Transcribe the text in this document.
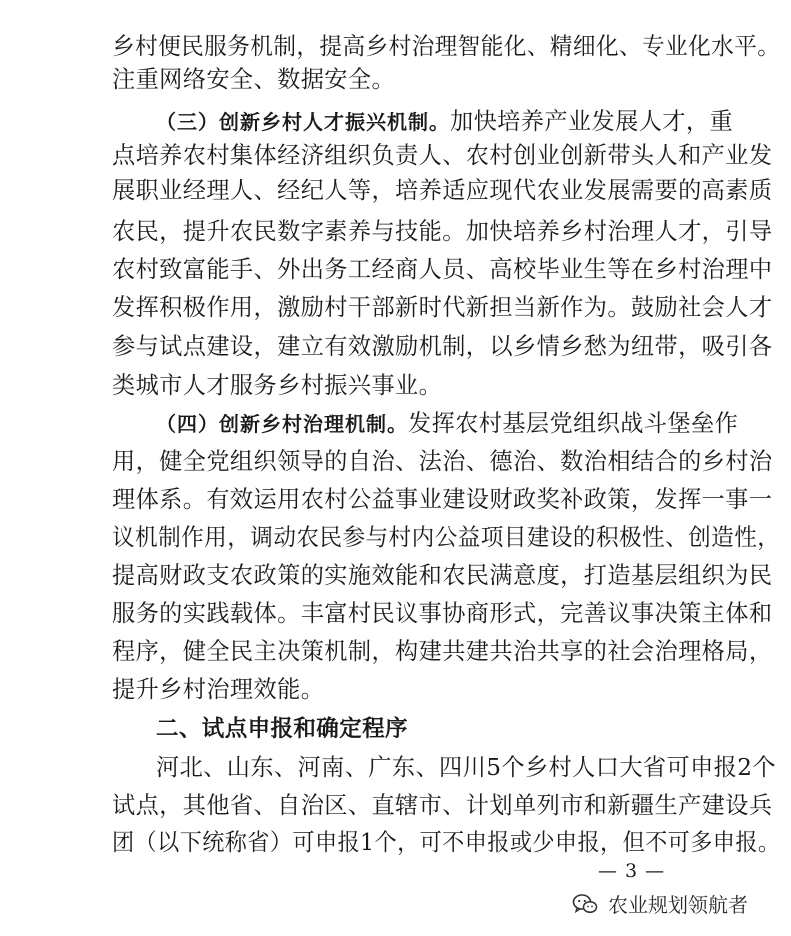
乡村便民服务机制，提高乡村治理智能化、精细化、专业化水平。
注重网络安全、数据安全。
（三）创新乡村人才振兴机制。加快培养产业发展人才，重
点培养农村集体经济组织负责人、农村创业创新带头人和产业发
展职业经理人、经纪人等，培养适应现代农业发展需要的高素质
农民，提升农民数字素养与技能。加快培养乡村治理人才，引导
农村致富能手、外出务工经商人员、高校毕业生等在乡村治理中
发挥积极作用，激励村干部新时代新担当新作为。鼓励社会人才
参与试点建设，建立有效激励机制，以乡情乡愁为纽带，吸引各
类城市人才服务乡村振兴事业。
（四）创新乡村治理机制。发挥农村基层党组织战斗堡垒作
用，健全党组织领导的自治、法治、德治、数治相结合的乡村治
理体系。有效运用农村公益事业建设财政奖补政策，发挥一事一
议机制作用，调动农民参与村内公益项目建设的积极性、创造性，
提高财政支农政策的实施效能和农民满意度，打造基层组织为民
服务的实践载体。丰富村民议事协商形式，完善议事决策主体和
程序，健全民主决策机制，构建共建共治共享的社会治理格局，
提升乡村治理效能。
二、试点申报和确定程序
河北、山东、河南、广东、四川5个乡村人口大省可申报2个
试点，其他省、自治区、直辖市、计划单列市和新疆生产建设兵
团（以下统称省）可申报1个，可不申报或少申报，但不可多申报。
— 3 —
农业规划领航者
